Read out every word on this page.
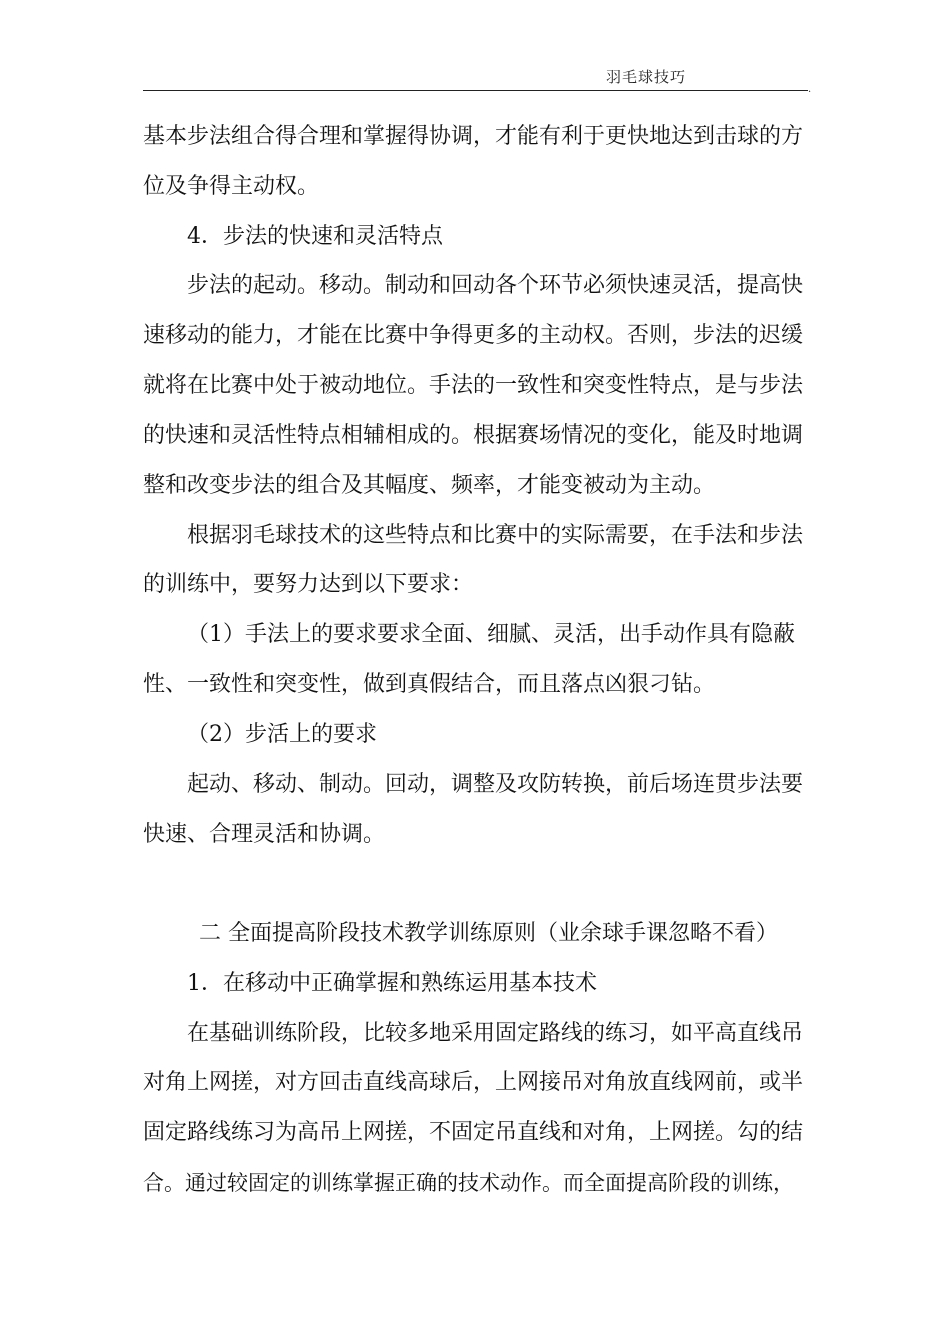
羽毛球技巧
.
基本步法组合得合理和掌握得协调，才能有利于更快地达到击球的方
位及争得主动权。
4．步法的快速和灵活特点
步法的起动。移动。制动和回动各个环节必须快速灵活，提高快
速移动的能力，才能在比赛中争得更多的主动权。否则，步法的迟缓
就将在比赛中处于被动地位。手法的一致性和突变性特点，是与步法
的快速和灵活性特点相辅相成的。根据赛场情况的变化，能及时地调
整和改变步法的组合及其幅度、频率，才能变被动为主动。
根据羽毛球技术的这些特点和比赛中的实际需要，在手法和步法
的训练中，要努力达到以下要求：
（1）手法上的要求要求全面、细腻、灵活，出手动作具有隐蔽
性、一致性和突变性，做到真假结合，而且落点凶狠刁钻。
（2）步活上的要求
起动、移动、制动。回动，调整及攻防转换，前后场连贯步法要
快速、合理灵活和协调。
二 全面提高阶段技术教学训练原则（业余球手课忽略不看）
1．在移动中正确掌握和熟练运用基本技术
在基础训练阶段，比较多地采用固定路线的练习，如平高直线吊
对角上网搓，对方回击直线高球后，上网接吊对角放直线网前，或半
固定路线练习为高吊上网搓，不固定吊直线和对角，上网搓。勾的结
合。通过较固定的训练掌握正确的技术动作。而全面提高阶段的训练，
